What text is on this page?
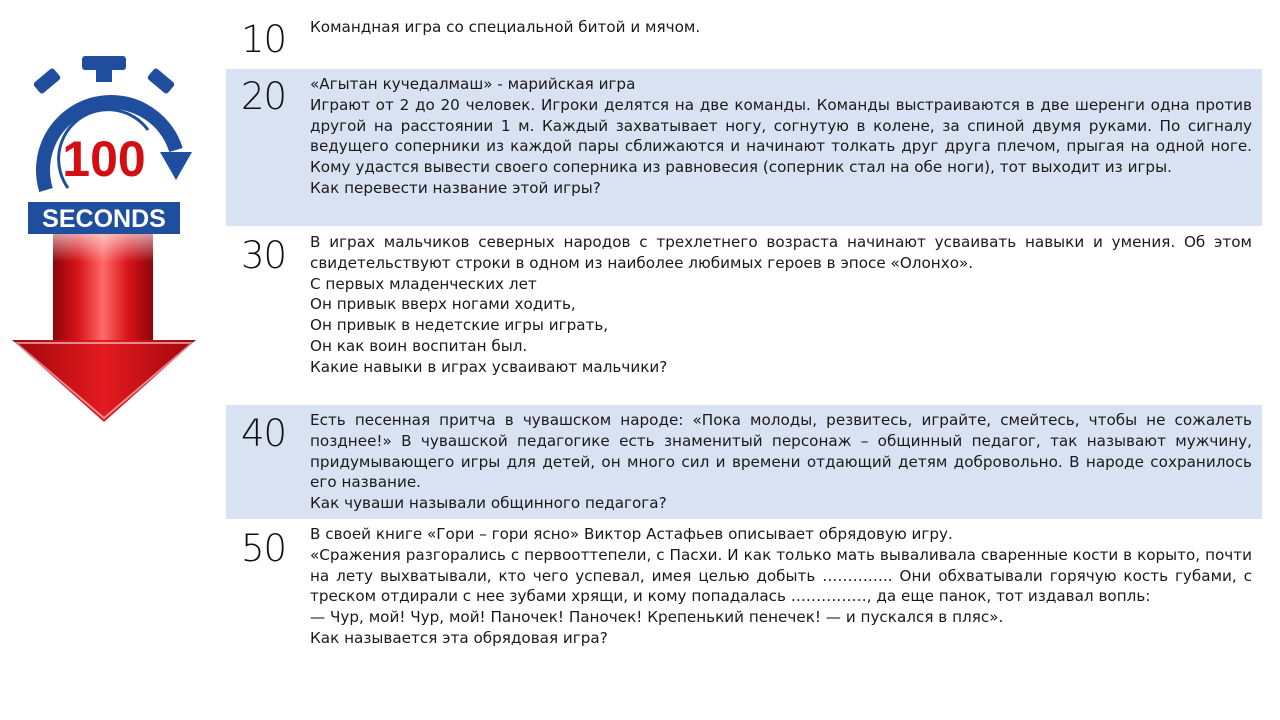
100
SECONDS
10 Командная игра со специальной битой и мячом.
20 «Агытан кучедалмаш» - марийская игра
Играют от 2 до 20 человек. Игроки делятся на две команды. Команды выстраиваются в две шеренги одна против
другой на расстоянии 1 м. Каждый захватывает ногу, согнутую в колене, за спиной двумя руками. По сигналу
ведущего соперники из каждой пары сближаются и начинают толкать друг друга плечом, прыгая на одной ноге.
Кому удастся вывести своего соперника из равновесия (соперник стал на обе ноги), тот выходит из игры.
Как перевести название этой игры?
30 В играх мальчиков северных народов с трехлетнего возраста начинают усваивать навыки и умения. Об этом
свидетельствуют строки в одном из наиболее любимых героев в эпосе «Олонхо».
С первых младенческих лет
Он привык вверх ногами ходить,
Он привык в недетские игры играть,
Он как воин воспитан был.
Какие навыки в играх усваивают мальчики?
40 Есть песенная притча в чувашском народе: «Пока молоды, резвитесь, играйте, смейтесь, чтобы не сожалеть
позднее!» В чувашской педагогике есть знаменитый персонаж – общинный педагог, так называют мужчину,
придумывающего игры для детей, он много сил и времени отдающий детям добровольно. В народе сохранилось
его название.
Как чуваши называли общинного педагога?
50 В своей книге «Гори – гори ясно» Виктор Астафьев описывает обрядовую игру.
«Сражения разгорались с первооттепели, с Пасхи. И как только мать вываливала сваренные кости в корыто, почти
на лету выхватывали, кто чего успевал, имея целью добыть ………….. Они обхватывали горячую кость губами, с
треском отдирали с нее зубами хрящи, и кому попадалась ……………, да еще панок, тот издавал вопль:
— Чур, мой! Чур, мой! Паночек! Паночек! Крепенький пенечек! — и пускался в пляс».
Как называется эта обрядовая игра?
